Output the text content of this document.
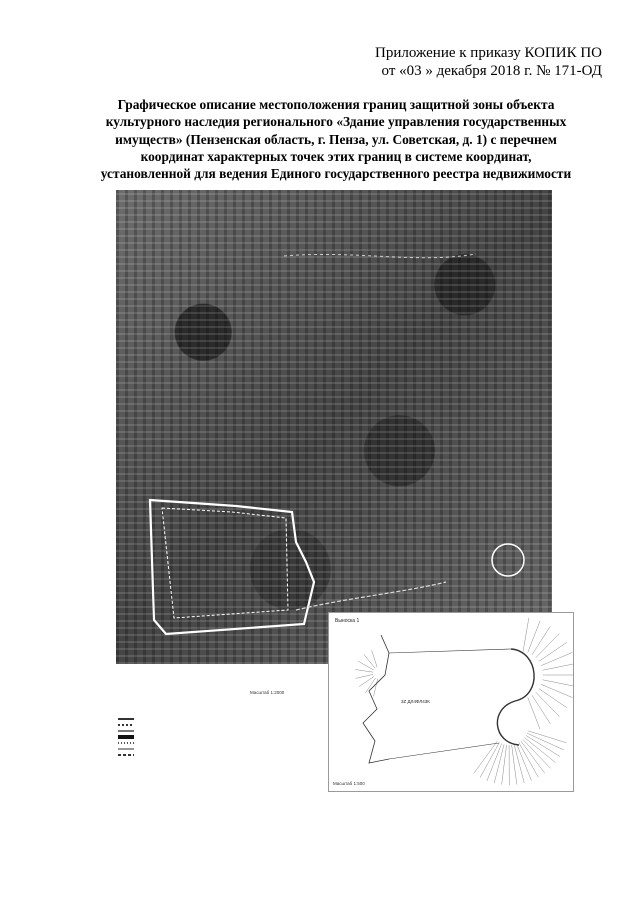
Приложение к приказу КОПИК ПО
от «03 » декабря 2018 г. № 171-ОД
Графическое описание местоположения границ защитной зоны объекта
культурного наследия регионального «Здание управления государственных
имуществ» (Пензенская область, г. Пенза, ул. Советская, д. 1) с перечнем
координат характерных точек этих границ в системе координат,
установленной для ведения Единого государственного реестра недвижимости
Масштаб 1:2000
Выноска 1
3Z ДЛ4ФЛ43К
Масштаб 1:500
